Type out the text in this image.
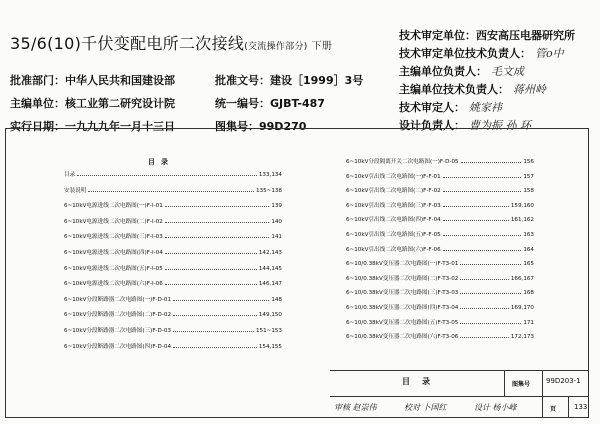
35/6(10)千伏变配电所二次接线(交流操作部分) 下册
批准部门：中华人民共和国建设部	批准文号：建设［1999］3号
主编单位：核工业第二研究设计院	统一编号：GJBT-487
实行日期：一九九九年一月十三日	图集号：99D270
技术审定单位：西安高压电器研究所
技术审定单位技术负责人： 管o中
主编单位负责人： 毛文成
主编单位技术负责人： 蒋州岭
技术审定人： 姚家祎
设计负责人： 曹为振 孙 环
目录
目录	133,134
安装说明	135~138
6~10kV电源进线二次电路图(一)F-I-01	139
6~10kV电源进线二次电路图(二)F-I-02	140
6~10kV电源进线二次电路图(三)F-I-03	141
6~10kV电源进线二次电路图(四)F-I-04	142,143
6~10kV电源进线二次电路图(五)F-I-05	144,145
6~10kV电源进线二次电路图(六)F-I-06	146,147
6~10kV分段断路器二次电路图(一)F-D-01	148
6~10kV分段断路器二次电路图(二)F-D-02	149,150
6~10kV分段断路器二次电路图(三)F-D-03	151~153
6~10kV分段断路器二次电路图(四)F-D-04	154,155
6~10kV分段隔离开关二次电路图(一)F-D-05	156
6~10kV引出线二次电路图(一)F-F-01	157
6~10kV引出线二次电路图(二)F-F-02	158
6~10kV引出线二次电路图(三)F-F-03	159,160
6~10kV引出线二次电路图(四)F-F-04	161,162
6~10kV引出线二次电路图(五)F-F-05	163
6~10kV引出线二次电路图(六)F-F-06	164
6~10/0.38kV变压器二次电路图(一)F-T3-01	165
6~10/0.38kV变压器二次电路图(二)F-T3-02	166,167
6~10/0.38kV变压器二次电路图(三)F-T3-03	168
6~10/0.38kV变压器二次电路图(四)F-T3-04	169,170
6~10/0.38kV变压器二次电路图(五)F-T3-05	171
6~10/0.38kV变压器二次电路图(六)F-T3-06	172,173
目录	图集号 99D203-1
审核 赵崇伟	校对 卜国红	设计 杨小峰	页	133
